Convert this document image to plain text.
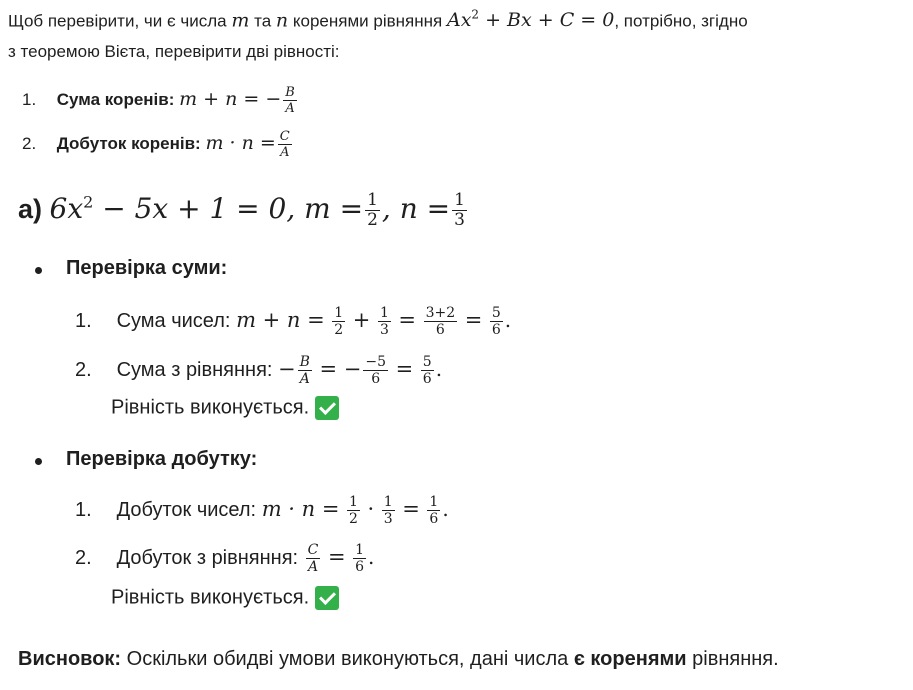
Щоб перевірити, чи є числа m та n коренями рівняння $Ax^2 + Bx + C = 0$, потрібно, згідно
з теоремою Вієта, перевірити дві рівності:
1. Сума коренів: m + n = − $\frac{B}{A}$
2. Добуток коренів: $m \cdot n = \frac{C}{A}$
а) $6x^2 - 5x + 1 = 0$, $m = \frac{1}{2}$ , $n = \frac{1}{3}$
Перевірка суми:
1. Сума чисел: $m + n = \frac{1}{2} + \frac{1}{3} = \frac{3+2}{6} = \frac{5}{6}$ .
2. Сума з рівняння: − $\frac{B}{A}$ = − $\frac{-5}{6} = \frac{5}{6}$ .
Рівність виконується.
Перевірка добутку:
1. Добуток чисел: $m \cdot n = \frac{1}{2} \cdot \frac{1}{3} = \frac{1}{6}$ .
2. Добуток з рівняння: $\frac{C}{A} = \frac{1}{6}$ .
Рівність виконується.
Висновок: Оскільки обидві умови виконуються, дані числа є коренями рівняння.
